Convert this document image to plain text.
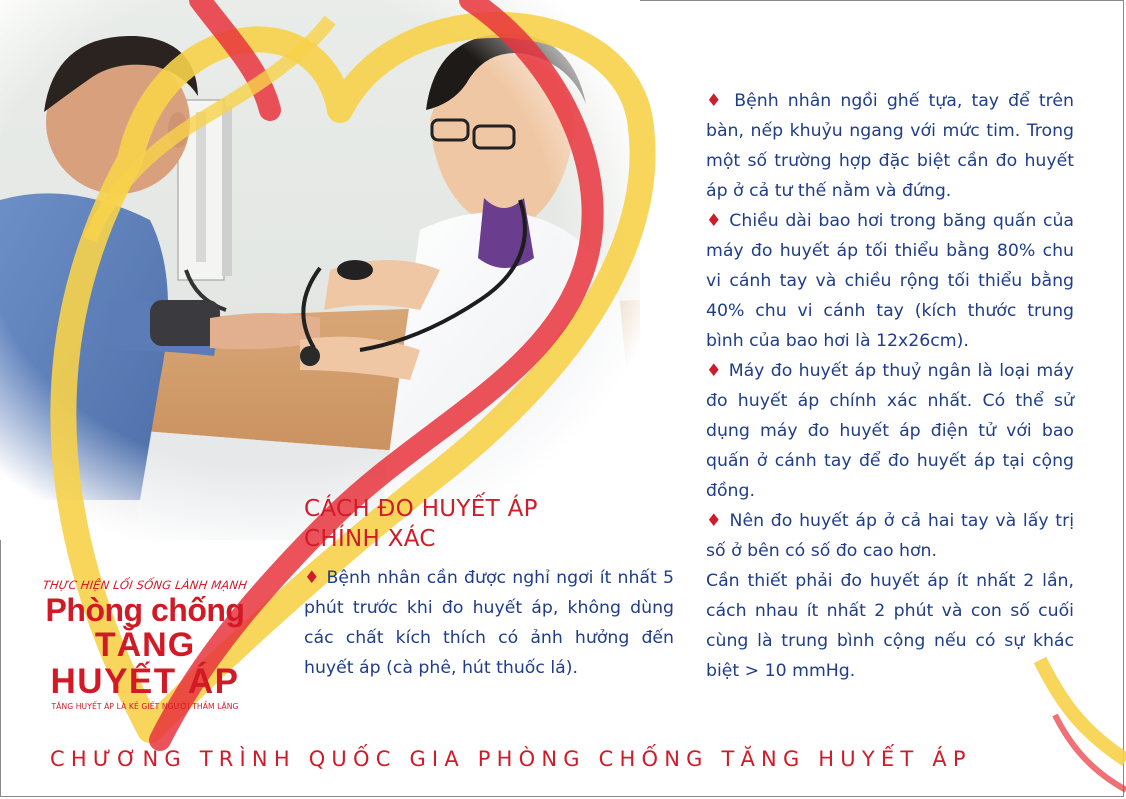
THỰC HIỆN LỐI SỐNG LÀNH MẠNH
Phòng chống
TĂNG
HUYẾT ÁP
TĂNG HUYẾT ÁP LÀ KẺ GIẾT NGƯỜI THẦM LẶNG
CÁCH ĐO HUYẾT ÁP
CHÍNH XÁC

♦ Bệnh nhân cần được nghỉ ngơi ít nhất 5 phút trước khi đo huyết áp, không dùng các chất kích thích có ảnh hưởng đến huyết áp (cà phê, hút thuốc lá).

♦ Bệnh nhân ngồi ghế tựa, tay để trên bàn, nếp khuỷu ngang với mức tim. Trong một số trường hợp đặc biệt cần đo huyết áp ở cả tư thế nằm và đứng.

♦ Chiều dài bao hơi trong băng quấn của máy đo huyết áp tối thiểu bằng 80% chu vi cánh tay và chiều rộng tối thiểu bằng 40% chu vi cánh tay (kích thước trung bình của bao hơi là 12x26cm).

♦ Máy đo huyết áp thuỷ ngân là loại máy đo huyết áp chính xác nhất. Có thể sử dụng máy đo huyết áp điện tử với bao quấn ở cánh tay để đo huyết áp tại cộng đồng.

♦ Nên đo huyết áp ở cả hai tay và lấy trị số ở bên có số đo cao hơn.

Cần thiết phải đo huyết áp ít nhất 2 lần, cách nhau ít nhất 2 phút và con số cuối cùng là trung bình cộng nếu có sự khác biệt > 10 mmHg.

CHƯƠNG TRÌNH QUỐC GIA PHÒNG CHỐNG TĂNG HUYẾT ÁP
